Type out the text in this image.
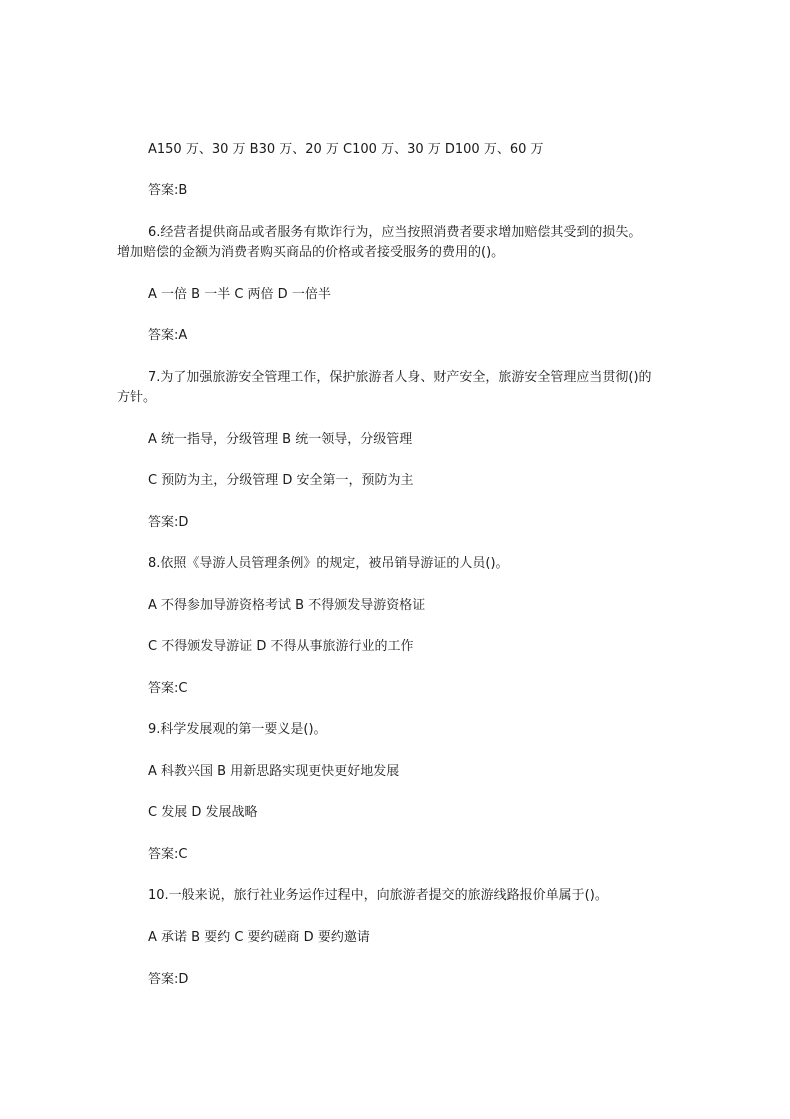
A150 万、30 万 B30 万、20 万 C100 万、30 万 D100 万、60 万
答案:B
6.经营者提供商品或者服务有欺诈行为，应当按照消费者要求增加赔偿其受到的损失。
增加赔偿的金额为消费者购买商品的价格或者接受服务的费用的()。
A 一倍 B 一半 C 两倍 D 一倍半
答案:A
7.为了加强旅游安全管理工作，保护旅游者人身、财产安全，旅游安全管理应当贯彻()的
方针。
A 统一指导，分级管理 B 统一领导，分级管理
C 预防为主，分级管理 D 安全第一，预防为主
答案:D
8.依照《导游人员管理条例》的规定，被吊销导游证的人员()。
A 不得参加导游资格考试 B 不得颁发导游资格证
C 不得颁发导游证 D 不得从事旅游行业的工作
答案:C
9.科学发展观的第一要义是()。
A 科教兴国 B 用新思路实现更快更好地发展
C 发展 D 发展战略
答案:C
10.一般来说，旅行社业务运作过程中，向旅游者提交的旅游线路报价单属于()。
A 承诺 B 要约 C 要约磋商 D 要约邀请
答案:D
